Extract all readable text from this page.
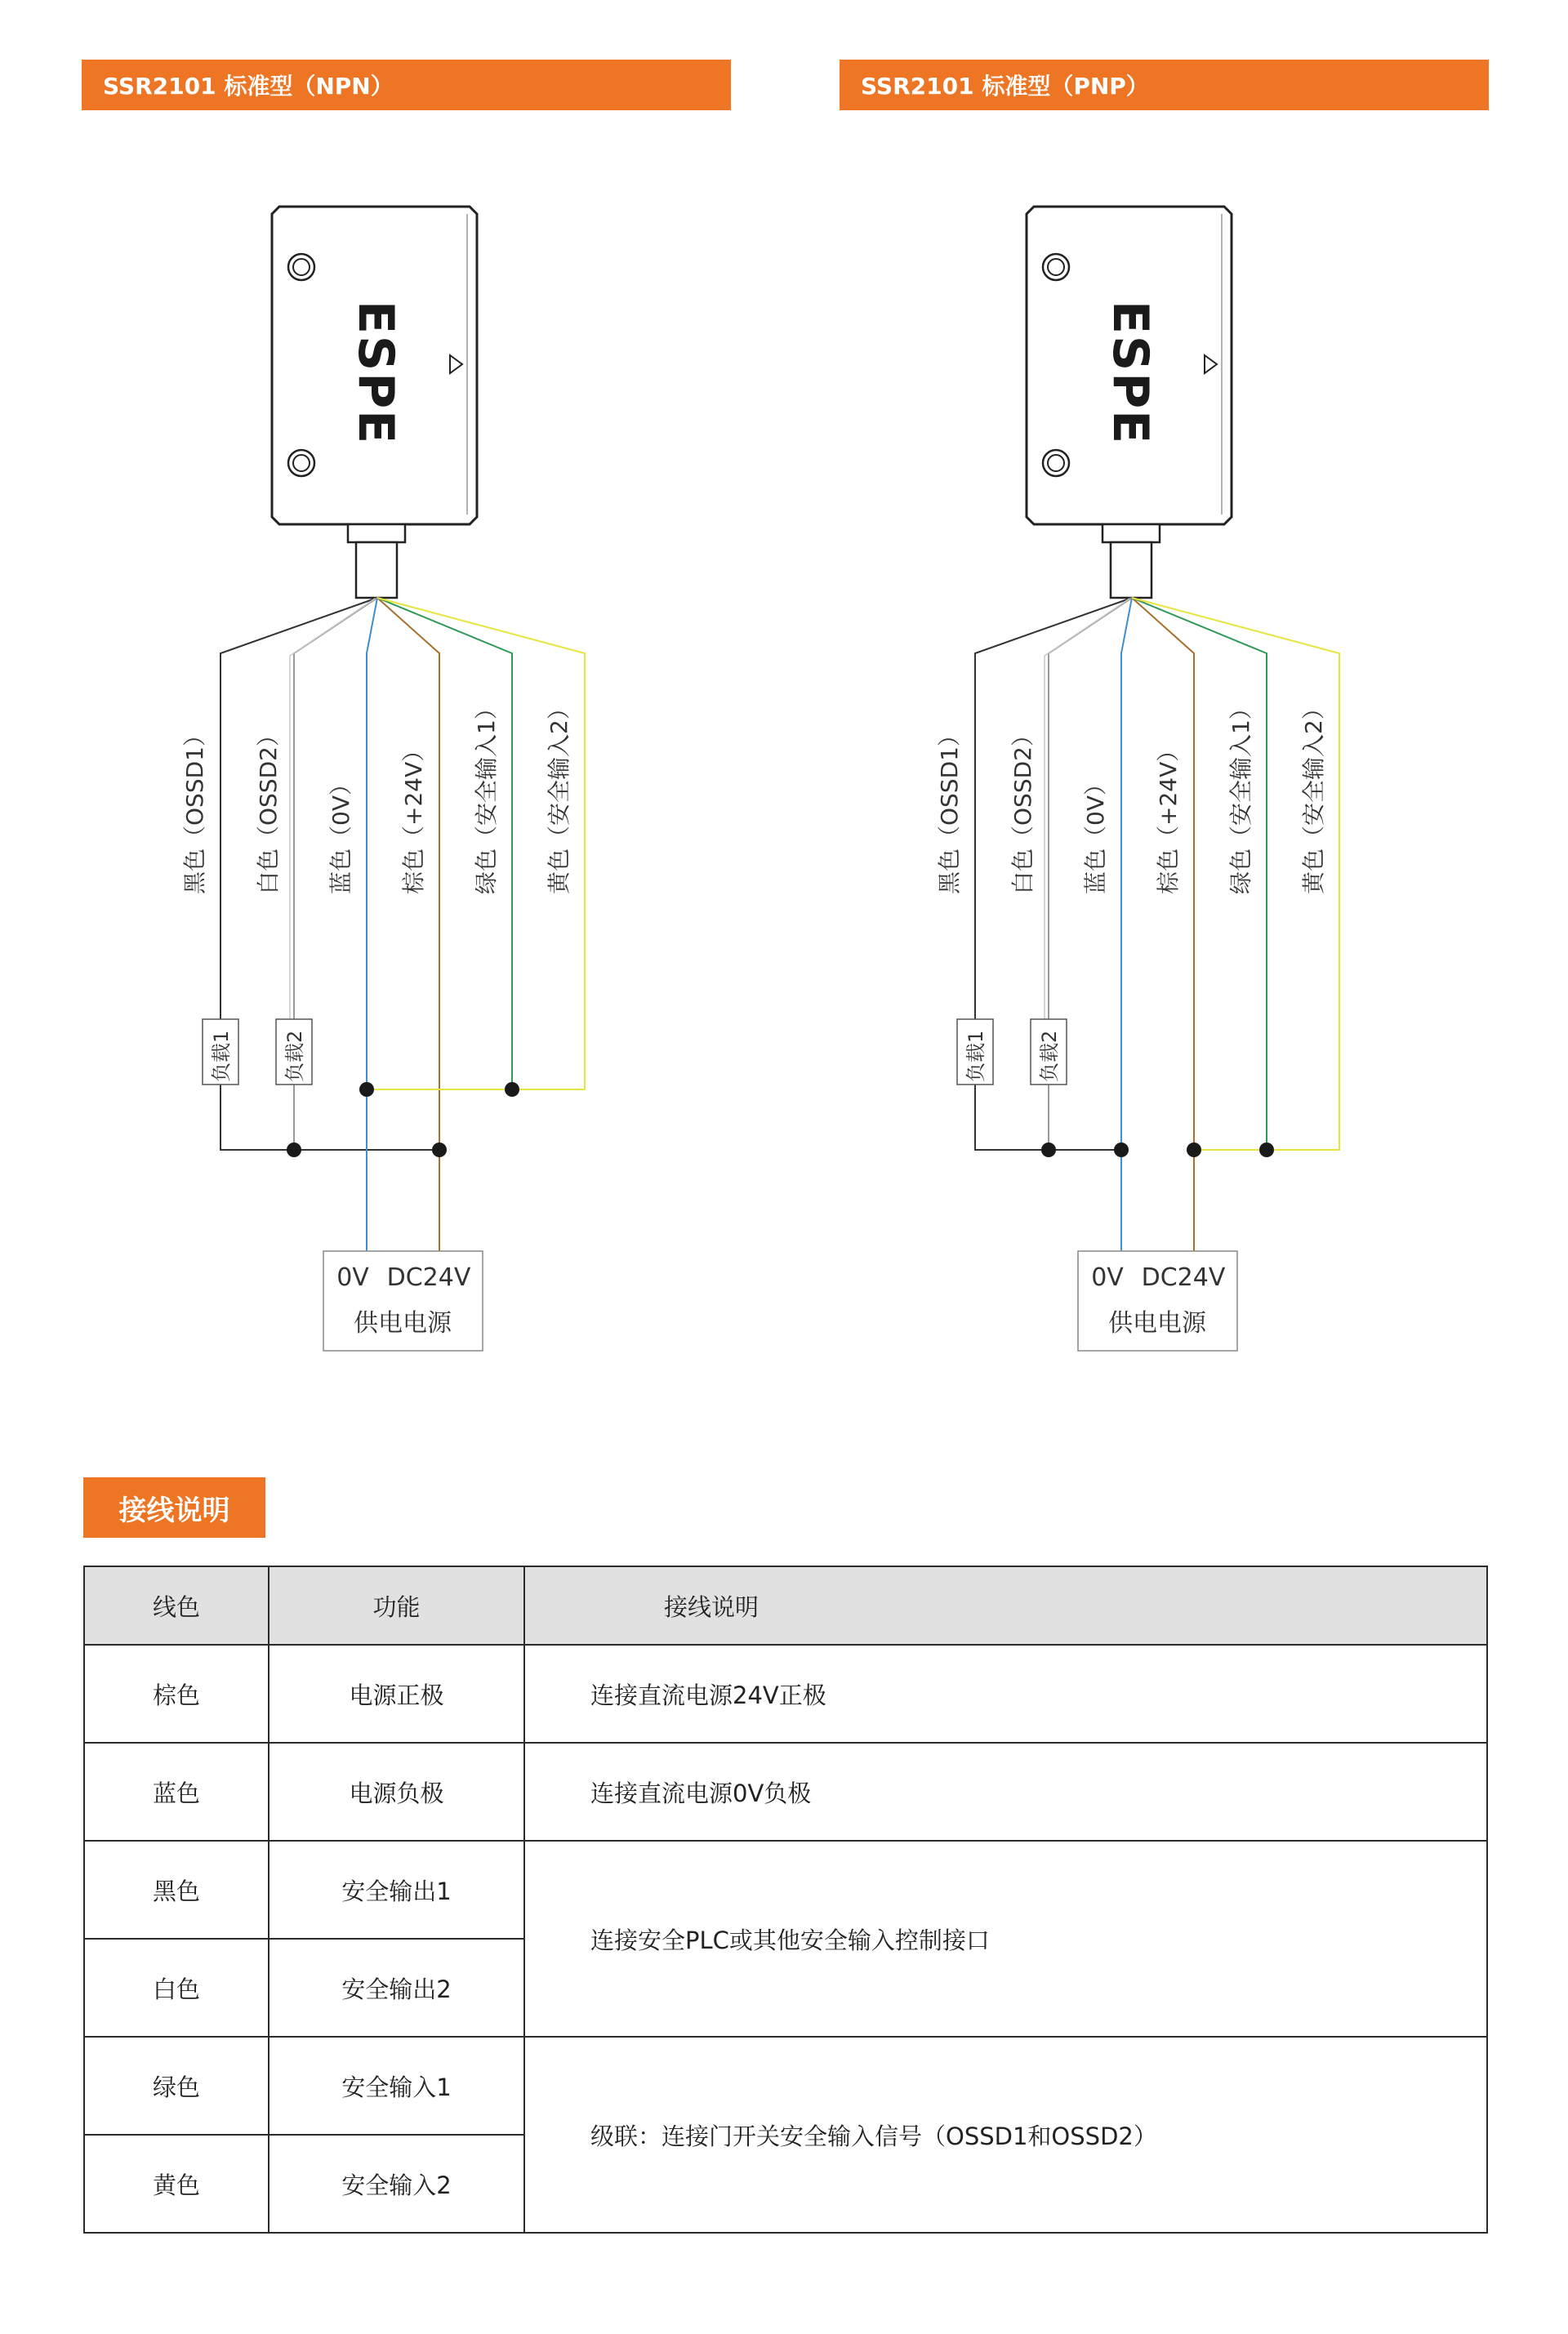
SSR2101 标准型（NPN）	SSR2101 标准型（PNP）
ESPE
黑色（OSSD1） 白色（OSSD2） 蓝色（0V） 棕色（+24V） 绿色（安全输入1） 黄色（安全输入2）
负载1	负载2
0V DC24V
供电电源
ESPE
黑色（OSSD1） 白色（OSSD2） 蓝色（0V） 棕色（+24V） 绿色（安全输入1） 黄色（安全输入2）
负载1	负载2
0V DC24V
供电电源
接线说明
线色	功能	接线说明
棕色	电源正极	连接直流电源24V正极
蓝色	电源负极	连接直流电源0V负极
黑色	安全输出1	连接安全PLC或其他安全输入控制接口
白色	安全输出2	
绿色	安全输入1	级联：连接门开关安全输入信号（OSSD1和OSSD2）
黄色	安全输入2	
